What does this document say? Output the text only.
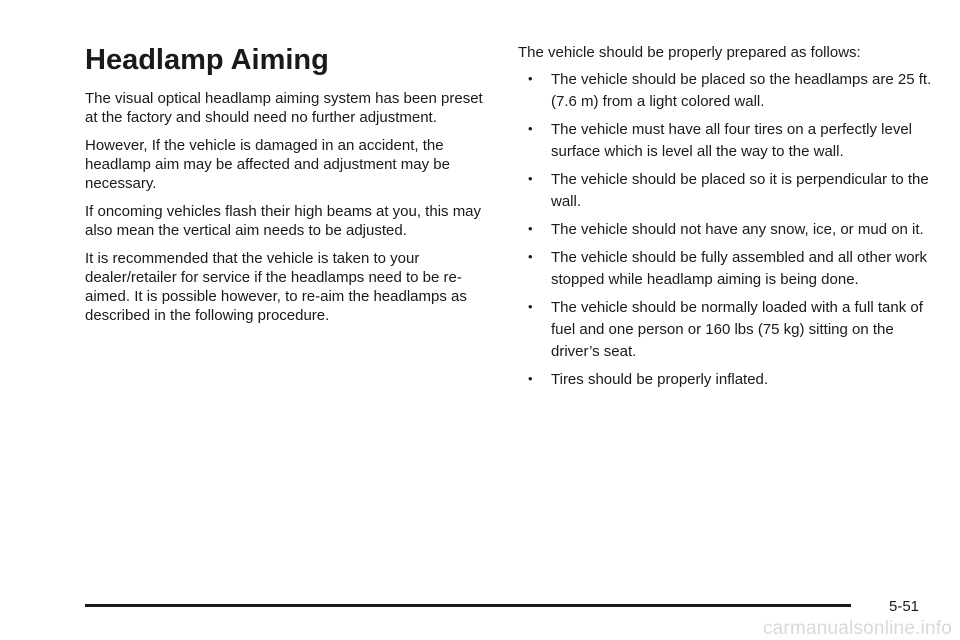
Headlamp Aiming

The visual optical headlamp aiming system has been preset at the factory and should need no further adjustment.

However, If the vehicle is damaged in an accident, the headlamp aim may be affected and adjustment may be necessary.

If oncoming vehicles flash their high beams at you, this may also mean the vertical aim needs to be adjusted.

It is recommended that the vehicle is taken to your dealer/retailer for service if the headlamps need to be re-aimed. It is possible however, to re-aim the headlamps as described in the following procedure.

The vehicle should be properly prepared as follows:

• The vehicle should be placed so the headlamps are 25 ft. (7.6 m) from a light colored wall.
• The vehicle must have all four tires on a perfectly level surface which is level all the way to the wall.
• The vehicle should be placed so it is perpendicular to the wall.
• The vehicle should not have any snow, ice, or mud on it.
• The vehicle should be fully assembled and all other work stopped while headlamp aiming is being done.
• The vehicle should be normally loaded with a full tank of fuel and one person or 160 lbs (75 kg) sitting on the driver’s seat.
• Tires should be properly inflated.
5-51
carmanualsonline.info
